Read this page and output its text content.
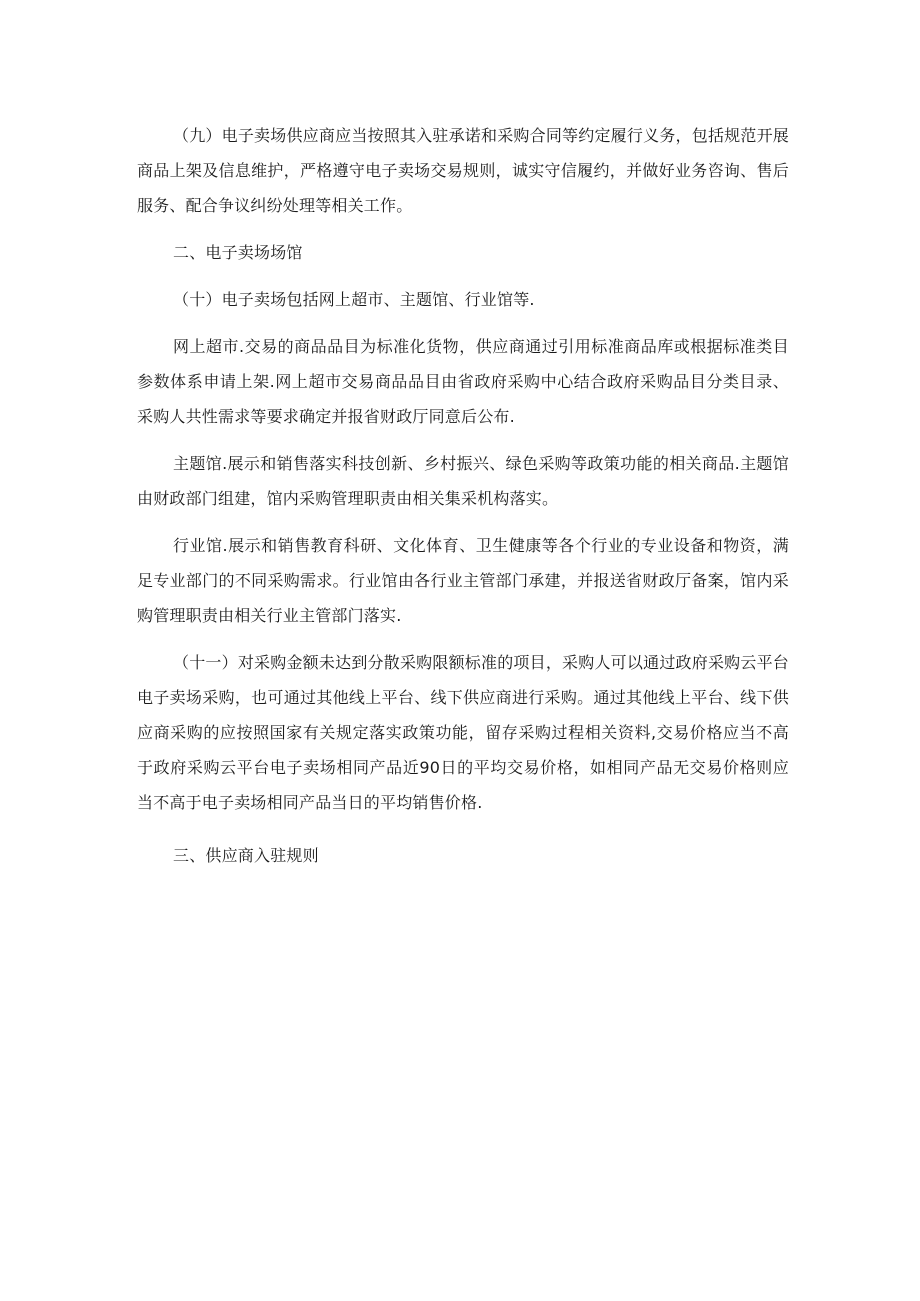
（九）电子卖场供应商应当按照其入驻承诺和采购合同等约定履行义务，包括规范开展商品上架及信息维护，严格遵守电子卖场交易规则，诚实守信履约，并做好业务咨询、售后服务、配合争议纠纷处理等相关工作。

二、电子卖场场馆

（十）电子卖场包括网上超市、主题馆、行业馆等.

网上超市.交易的商品品目为标准化货物，供应商通过引用标准商品库或根据标准类目参数体系申请上架.网上超市交易商品品目由省政府采购中心结合政府采购品目分类目录、采购人共性需求等要求确定并报省财政厅同意后公布.

主题馆.展示和销售落实科技创新、乡村振兴、绿色采购等政策功能的相关商品.主题馆由财政部门组建，馆内采购管理职责由相关集采机构落实。

行业馆.展示和销售教育科研、文化体育、卫生健康等各个行业的专业设备和物资，满足专业部门的不同采购需求。行业馆由各行业主管部门承建，并报送省财政厅备案，馆内采购管理职责由相关行业主管部门落实.

（十一）对采购金额未达到分散采购限额标准的项目，采购人可以通过政府采购云平台电子卖场采购，也可通过其他线上平台、线下供应商进行采购。通过其他线上平台、线下供应商采购的应按照国家有关规定落实政策功能，留存采购过程相关资料,交易价格应当不高于政府采购云平台电子卖场相同产品近90日的平均交易价格，如相同产品无交易价格则应当不高于电子卖场相同产品当日的平均销售价格.

三、供应商入驻规则
